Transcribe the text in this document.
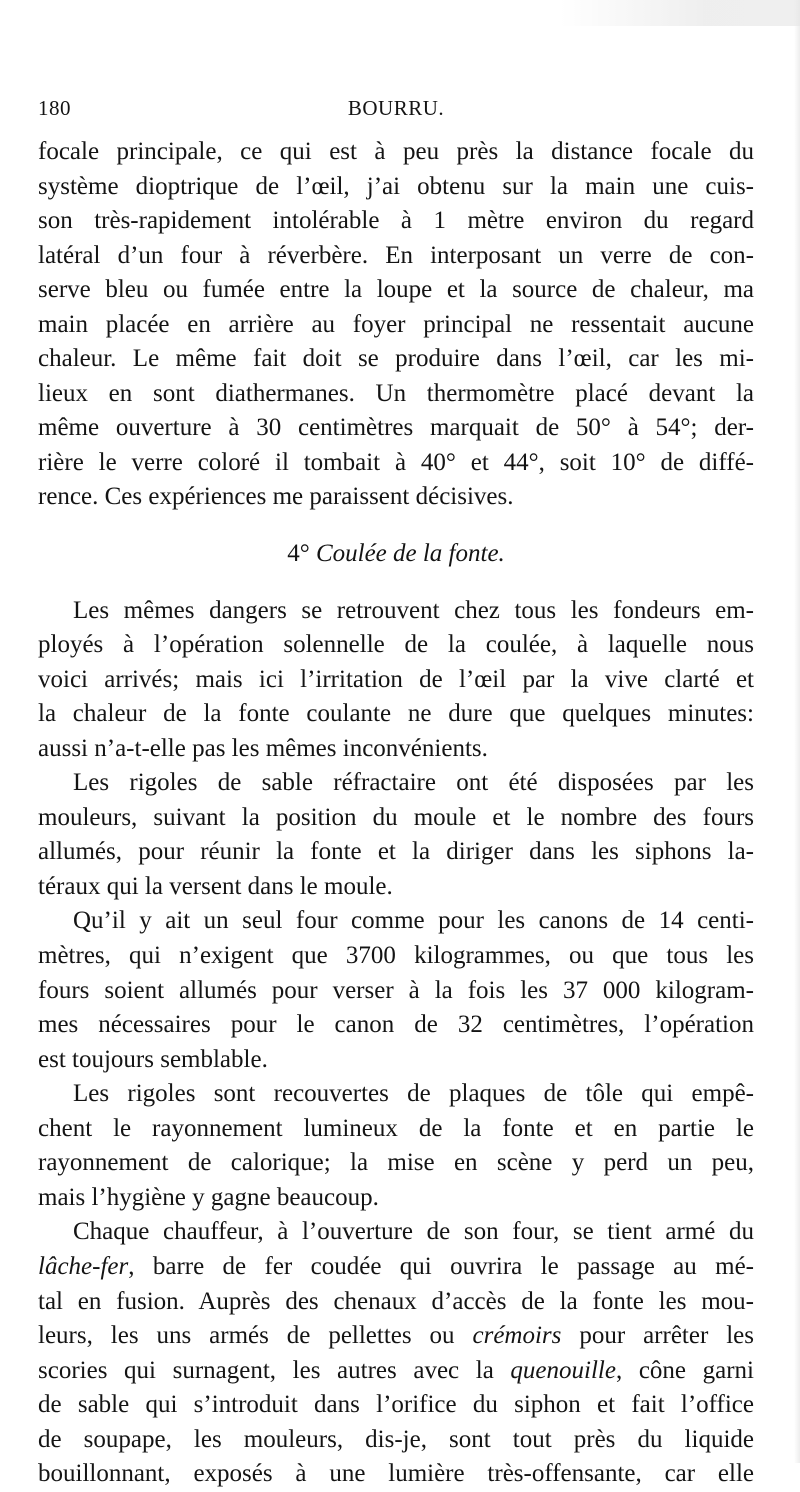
180	BOURRU.
focale principale, ce qui est à peu près la distance focale du
système dioptrique de l’œil, j’ai obtenu sur la main une cuis-
son très-rapidement intolérable à 1 mètre environ du regard
latéral d’un four à réverbère. En interposant un verre de con-
serve bleu ou fumée entre la loupe et la source de chaleur, ma
main placée en arrière au foyer principal ne ressentait aucune
chaleur. Le même fait doit se produire dans l’œil, car les mi-
lieux en sont diathermanes. Un thermomètre placé devant la
même ouverture à 30 centimètres marquait de 50° à 54°; der-
rière le verre coloré il tombait à 40° et 44°, soit 10° de diffé-
rence. Ces expériences me paraissent décisives.
4° Coulée de la fonte.
Les mêmes dangers se retrouvent chez tous les fondeurs em-
ployés à l’opération solennelle de la coulée, à laquelle nous
voici arrivés; mais ici l’irritation de l’œil par la vive clarté et
la chaleur de la fonte coulante ne dure que quelques minutes:
aussi n’a-t-elle pas les mêmes inconvénients.
Les rigoles de sable réfractaire ont été disposées par les
mouleurs, suivant la position du moule et le nombre des fours
allumés, pour réunir la fonte et la diriger dans les siphons la-
téraux qui la versent dans le moule.
Qu’il y ait un seul four comme pour les canons de 14 centi-
mètres, qui n’exigent que 3700 kilogrammes, ou que tous les
fours soient allumés pour verser à la fois les 37 000 kilogram-
mes nécessaires pour le canon de 32 centimètres, l’opération
est toujours semblable.
Les rigoles sont recouvertes de plaques de tôle qui empê-
chent le rayonnement lumineux de la fonte et en partie le
rayonnement de calorique; la mise en scène y perd un peu,
mais l’hygiène y gagne beaucoup.
Chaque chauffeur, à l’ouverture de son four, se tient armé du
lâche-fer, barre de fer coudée qui ouvrira le passage au mé-
tal en fusion. Auprès des chenaux d’accès de la fonte les mou-
leurs, les uns armés de pellettes ou crémoirs pour arrêter les
scories qui surnagent, les autres avec la quenouille, cône garni
de sable qui s’introduit dans l’orifice du siphon et fait l’office
de soupape, les mouleurs, dis-je, sont tout près du liquide
bouillonnant, exposés à une lumière très-offensante, car elle
